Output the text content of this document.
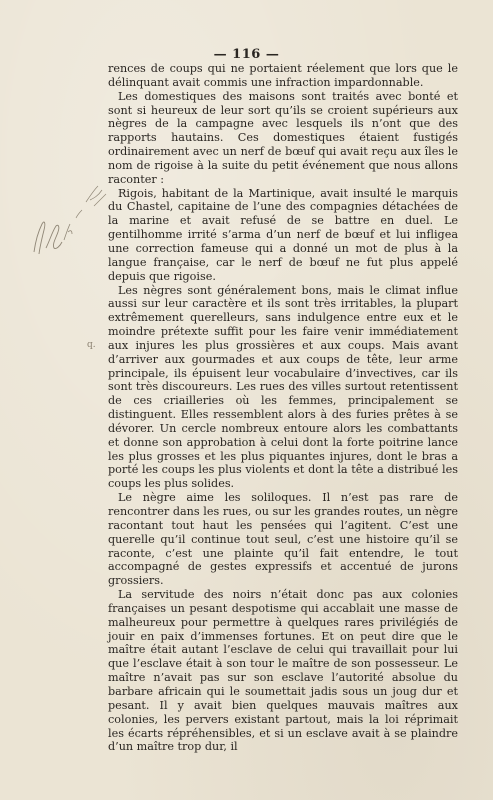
— 116 —

rences de coups qui ne portaient réelement que lors que le délinquant avait commis une infraction impardonnable.

Les domestiques des maisons sont traités avec bonté et sont si heureux de leur sort qu’ils se croient supérieurs aux nègres de la campagne avec lesquels ils n’ont que des rapports hautains. Ces domestiques étaient fustigés ordinairement avec un nerf de bœuf qui avait reçu aux îles le nom de rigoise à la suite du petit événement que nous allons raconter :

Rigois, habitant de la Martinique, avait insulté le marquis du Chastel, capitaine de l’une des compagnies détachées de la marine et avait refusé de se battre en duel. Le gentilhomme irrité s’arma d’un nerf de bœuf et lui infligea une correction fameuse qui a donné un mot de plus à la langue française, car le nerf de bœuf ne fut plus appelé depuis que rigoise.

Les nègres sont généralement bons, mais le climat influe aussi sur leur caractère et ils sont très irritables, la plupart extrêmement querelleurs, sans indulgence entre eux et le moindre prétexte suffit pour les faire venir immédiatement aux injures les plus grossières et aux coups. Mais avant d’arriver aux gourmades et aux coups de tête, leur arme principale, ils épuisent leur vocabulaire d’invectives, car ils sont très discoureurs. Les rues des villes surtout retentissent de ces criailleries où les femmes, principalement se distinguent. Elles ressemblent alors à des furies prêtes à se dévorer. Un cercle nombreux entoure alors les combattants et donne son approbation à celui dont la forte poitrine lance les plus grosses et les plus piquantes injures, dont le bras a porté les coups les plus violents et dont la tête a distribué les coups les plus solides.

Le nègre aime les soliloques. Il n’est pas rare de rencontrer dans les rues, ou sur les grandes routes, un nègre racontant tout haut les pensées qui l’agitent. C’est une querelle qu’il continue tout seul, c’est une histoire qu’il se raconte, c’est une plainte qu’il fait entendre, le tout accompagné de gestes expressifs et accentué de jurons grossiers.

La servitude des noirs n’était donc pas aux colonies françaises un pesant despotisme qui accablait une masse de malheureux pour permettre à quelques rares privilégiés de jouir en paix d’immenses fortunes. Et on peut dire que le maître était autant l’esclave de celui qui travaillait pour lui que l’esclave était à son tour le maître de son possesseur. Le maître n’avait pas sur son esclave l’autorité absolue du barbare africain qui le soumettait jadis sous un joug dur et pesant. Il y avait bien quelques mauvais maîtres aux colonies, les pervers existant partout, mais la loi réprimait les écarts répréhensibles, et si un esclave avait à se plaindre d’un maître trop dur, il

q.
